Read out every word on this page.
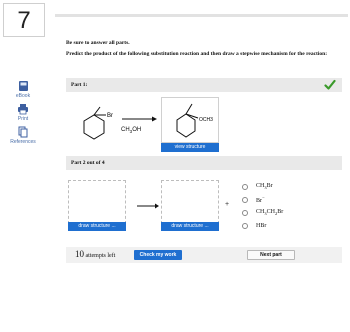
7
eBook
Print
References

Be sure to answer all parts.

Predict the product of the following substitution reaction and then draw a stepwise mechanism for the reaction:

Part 1:
Br →
$CH_3OH$
OCH3
view structure
Part 2 out of 4
draw structure ...	draw structure ...
+
$CH_3Br$
Br−
$CH_3CH_2Br$
HBr
10 attempts left	Check my work	Next part
